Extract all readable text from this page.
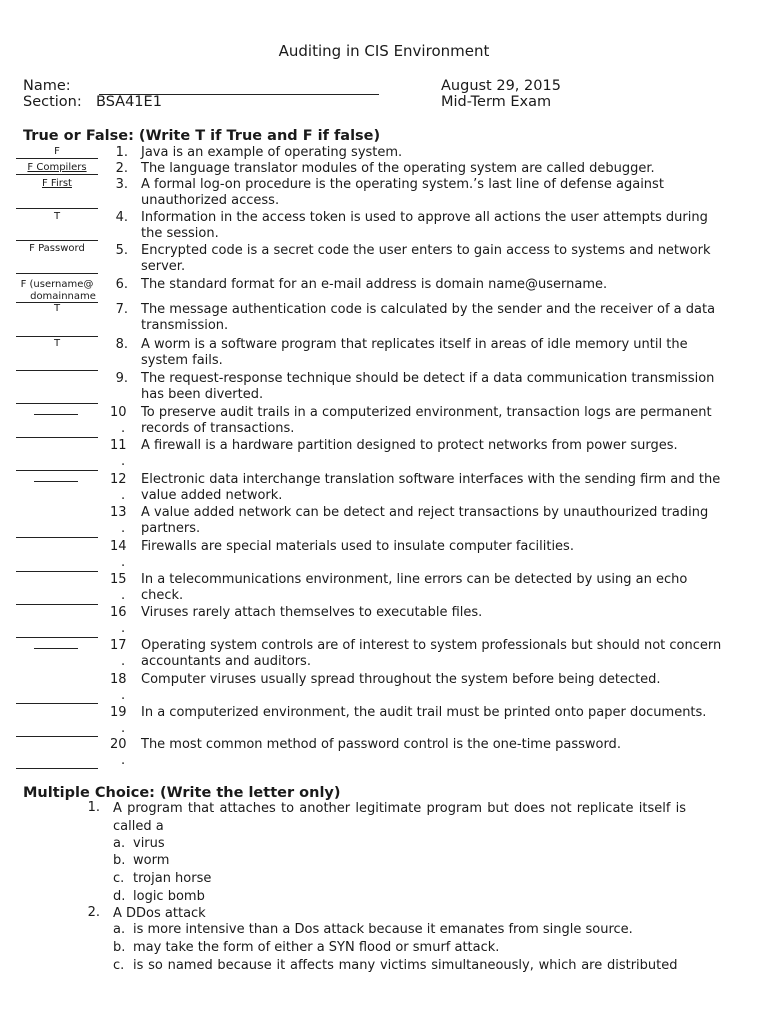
Auditing in CIS Environment
Name:
Section: BSA41E1
August 29, 2015
Mid-Term Exam
True or False: (Write T if True and F if false)
F
F Compilers
F First
T
F Password
F (username@
domainname
T
T
1. Java is an example of operating system.
2. The language translator modules of the operating system are called debugger.
3. A formal log-on procedure is the operating system.’s last line of defense against
unauthorized access.
4. Information in the access token is used to approve all actions the user attempts during
the session.
5. Encrypted code is a secret code the user enters to gain access to systems and network
server.
6. The standard format for an e-mail address is domain name@username.
7. The message authentication code is calculated by the sender and the receiver of a data
transmission.
8. A worm is a software program that replicates itself in areas of idle memory until the
system fails.
9. The request-response technique should be detect if a data communication transmission
has been diverted.
10
.
To preserve audit trails in a computerized environment, transaction logs are permanent
records of transactions.
11
.
A firewall is a hardware partition designed to protect networks from power surges.
12
.
Electronic data interchange translation software interfaces with the sending firm and the
value added network.
13
.
A value added network can be detect and reject transactions by unauthourized trading
partners.
14
.
Firewalls are special materials used to insulate computer facilities.
15
.
In a telecommunications environment, line errors can be detected by using an echo
check.
16
.
Viruses rarely attach themselves to executable files.
17
.
Operating system controls are of interest to system professionals but should not concern
accountants and auditors.
18
.
Computer viruses usually spread throughout the system before being detected.
19
.
In a computerized environment, the audit trail must be printed onto paper documents.
20
.
The most common method of password control is the one-time password.
Multiple Choice: (Write the letter only)
1. A program that attaches to another legitimate program but does not replicate itself is
called a
a. virus
b. worm
c. trojan horse
d. logic bomb
2. A DDos attack
a. is more intensive than a Dos attack because it emanates from single source.
b. may take the form of either a SYN flood or smurf attack.
c. is so named because it affects many victims simultaneously, which are distributed
